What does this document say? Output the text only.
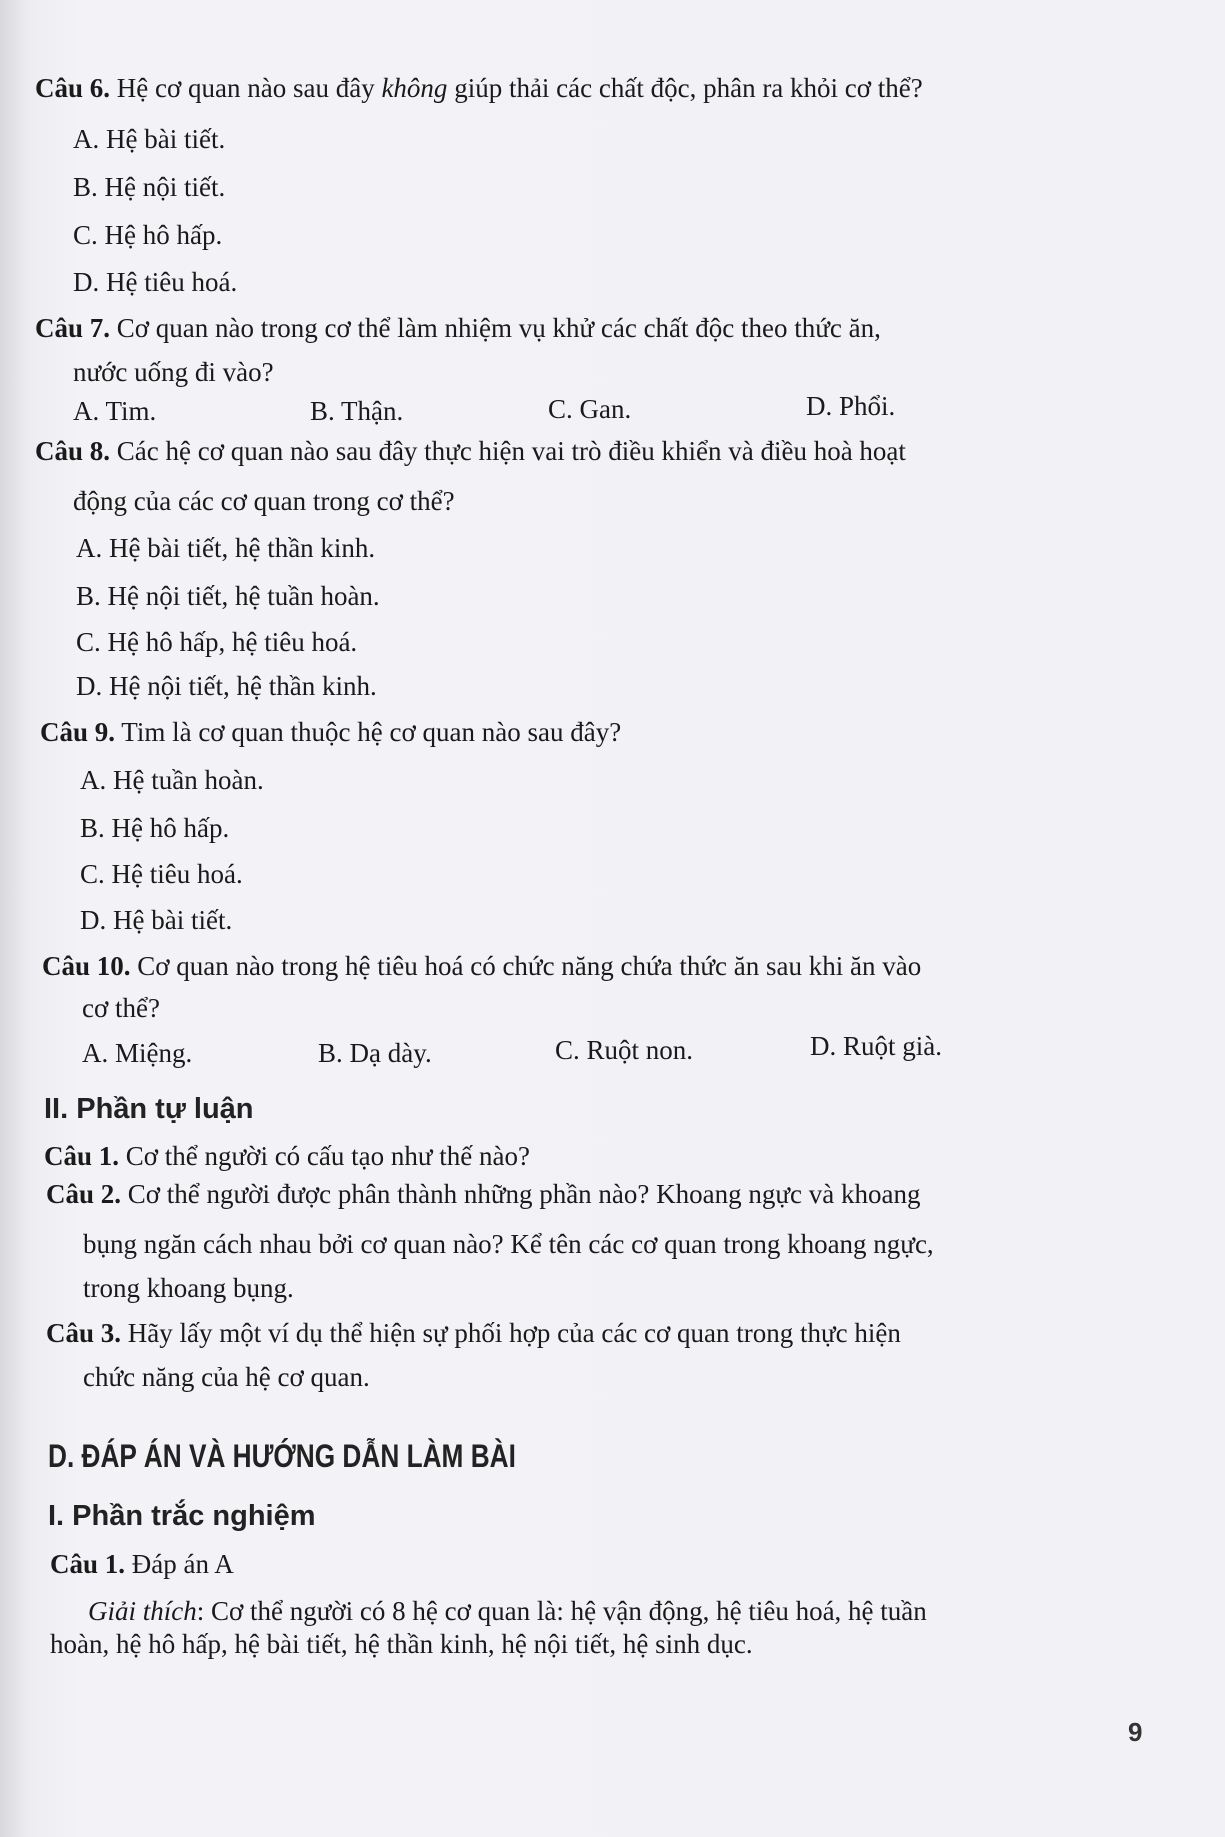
Câu 6. Hệ cơ quan nào sau đây không giúp thải các chất độc, phân ra khỏi cơ thể?
A. Hệ bài tiết.
B. Hệ nội tiết.
C. Hệ hô hấp.
D. Hệ tiêu hoá.
Câu 7. Cơ quan nào trong cơ thể làm nhiệm vụ khử các chất độc theo thức ăn,
nước uống đi vào?
A. Tim.	B. Thận.	C. Gan.	D. Phổi.
Câu 8. Các hệ cơ quan nào sau đây thực hiện vai trò điều khiển và điều hoà hoạt
động của các cơ quan trong cơ thể?
A. Hệ bài tiết, hệ thần kinh.
B. Hệ nội tiết, hệ tuần hoàn.
C. Hệ hô hấp, hệ tiêu hoá.
D. Hệ nội tiết, hệ thần kinh.
Câu 9. Tim là cơ quan thuộc hệ cơ quan nào sau đây?
A. Hệ tuần hoàn.
B. Hệ hô hấp.
C. Hệ tiêu hoá.
D. Hệ bài tiết.
Câu 10. Cơ quan nào trong hệ tiêu hoá có chức năng chứa thức ăn sau khi ăn vào
cơ thể?
A. Miệng.	B. Dạ dày.	C. Ruột non.	D. Ruột già.
II. Phần tự luận
Câu 1. Cơ thể người có cấu tạo như thế nào?
Câu 2. Cơ thể người được phân thành những phần nào? Khoang ngực và khoang
bụng ngăn cách nhau bởi cơ quan nào? Kể tên các cơ quan trong khoang ngực,
trong khoang bụng.
Câu 3. Hãy lấy một ví dụ thể hiện sự phối hợp của các cơ quan trong thực hiện
chức năng của hệ cơ quan.
D. ĐÁP ÁN VÀ HƯỚNG DẪN LÀM BÀI
I. Phần trắc nghiệm
Câu 1. Đáp án A
Giải thích: Cơ thể người có 8 hệ cơ quan là: hệ vận động, hệ tiêu hoá, hệ tuần
hoàn, hệ hô hấp, hệ bài tiết, hệ thần kinh, hệ nội tiết, hệ sinh dục.
9
